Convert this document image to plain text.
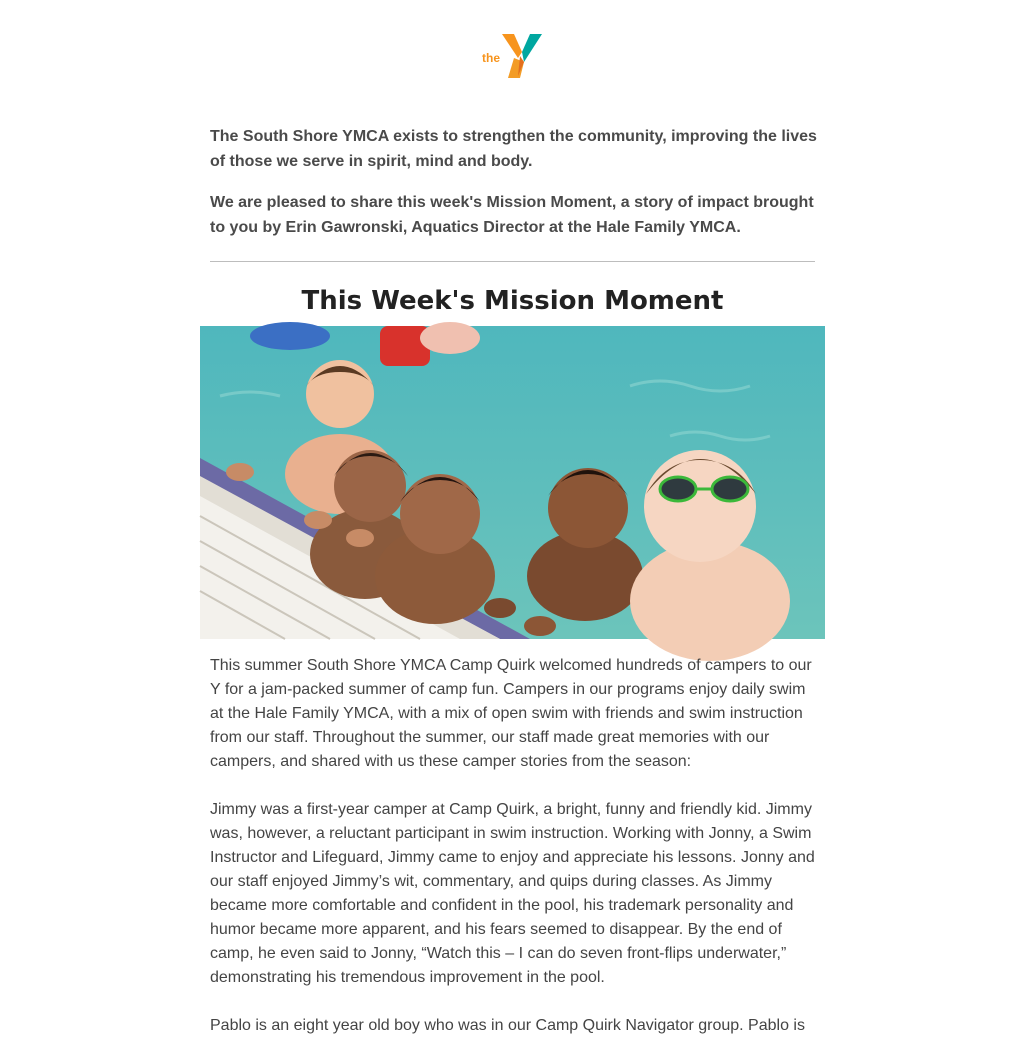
the

The South Shore YMCA exists to strengthen the community, improving the lives of those we serve in spirit, mind and body.

We are pleased to share this week's Mission Moment, a story of impact brought to you by Erin Gawronski, Aquatics Director at the Hale Family YMCA.

This Week's Mission Moment

This summer South Shore YMCA Camp Quirk welcomed hundreds of campers to our Y for a jam-packed summer of camp fun. Campers in our programs enjoy daily swim at the Hale Family YMCA, with a mix of open swim with friends and swim instruction from our staff. Throughout the summer, our staff made great memories with our campers, and shared with us these camper stories from the season:

Jimmy was a first-year camper at Camp Quirk, a bright, funny and friendly kid. Jimmy was, however, a reluctant participant in swim instruction. Working with Jonny, a Swim Instructor and Lifeguard, Jimmy came to enjoy and appreciate his lessons. Jonny and our staff enjoyed Jimmy’s wit, commentary, and quips during classes. As Jimmy became more comfortable and confident in the pool, his trademark personality and humor became more apparent, and his fears seemed to disappear. By the end of camp, he even said to Jonny, “Watch this – I can do seven front-flips underwater,” demonstrating his tremendous improvement in the pool.

Pablo is an eight year old boy who was in our Camp Quirk Navigator group. Pablo is
